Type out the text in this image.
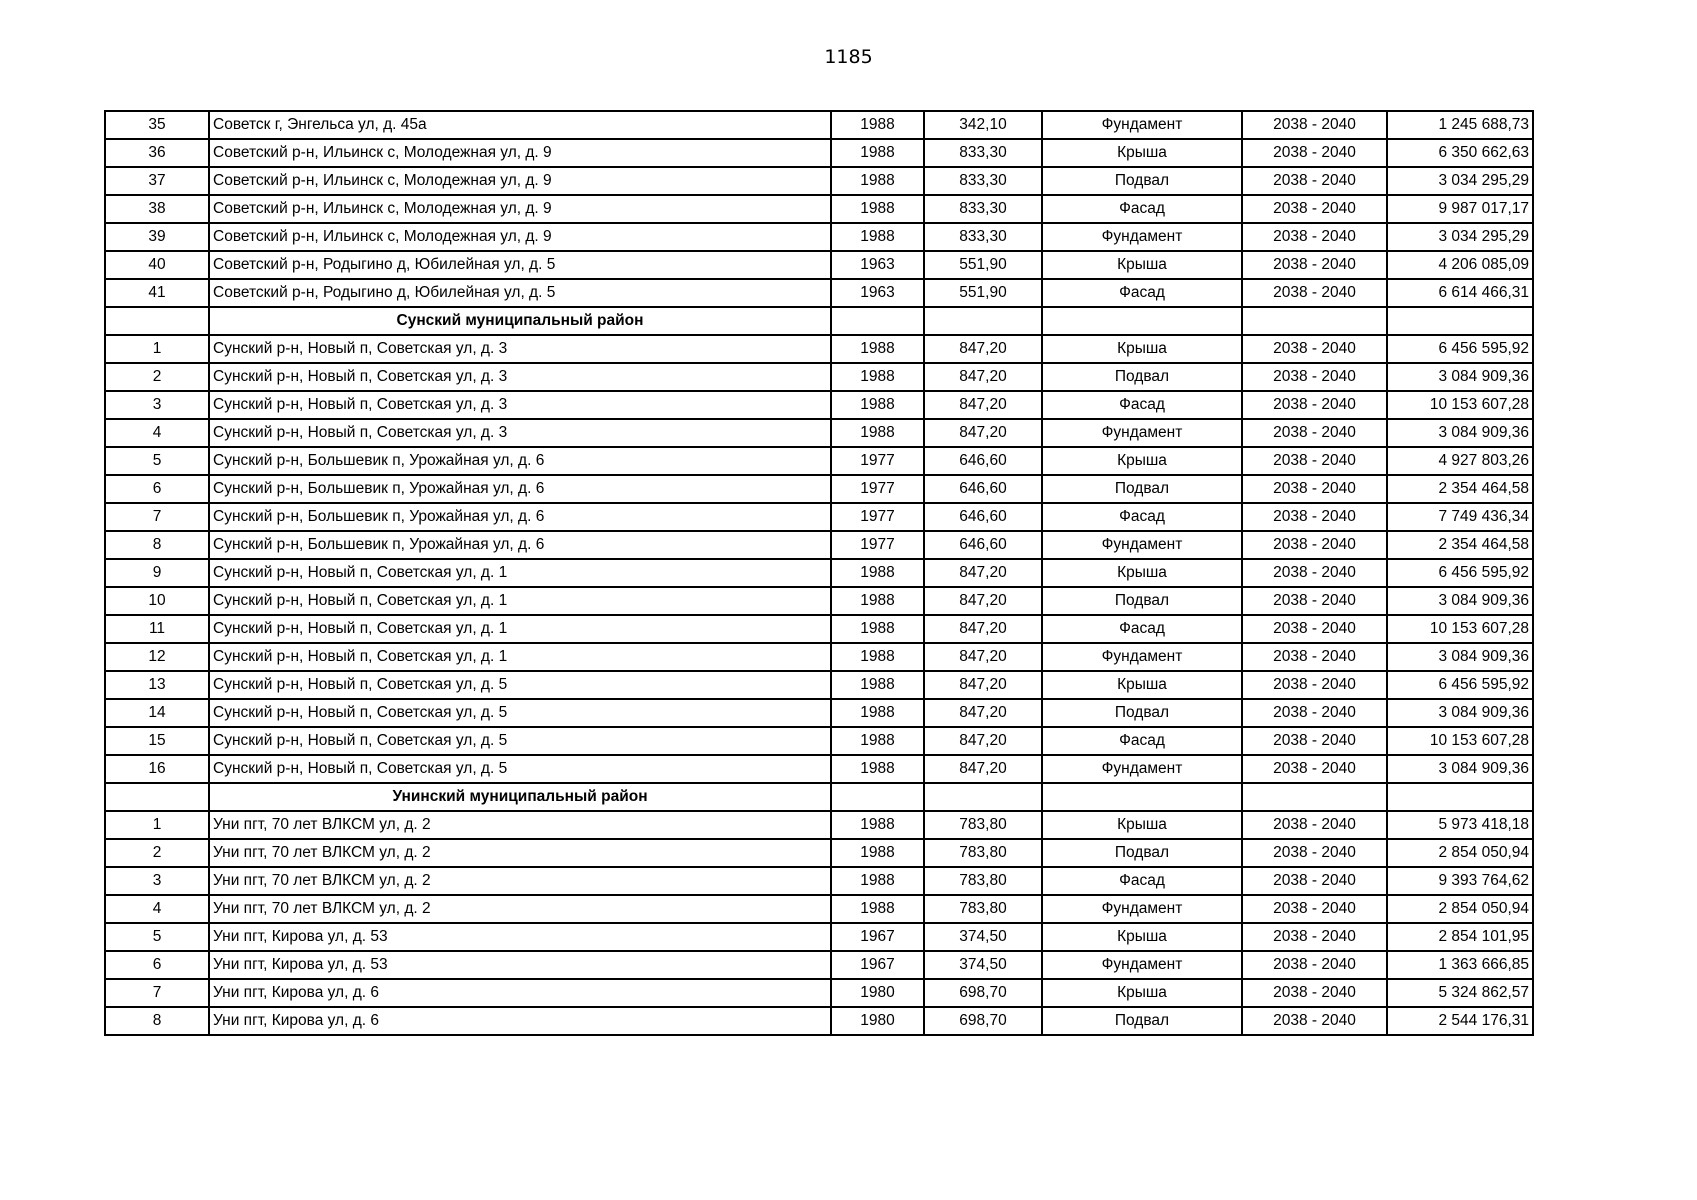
1185
35	Советск г, Энгельса ул, д. 45а	1988	342,10	Фундамент	2038 - 2040	1 245 688,73
36	Советский р-н, Ильинск с, Молодежная ул, д. 9	1988	833,30	Крыша	2038 - 2040	6 350 662,63
37	Советский р-н, Ильинск с, Молодежная ул, д. 9	1988	833,30	Подвал	2038 - 2040	3 034 295,29
38	Советский р-н, Ильинск с, Молодежная ул, д. 9	1988	833,30	Фасад	2038 - 2040	9 987 017,17
39	Советский р-н, Ильинск с, Молодежная ул, д. 9	1988	833,30	Фундамент	2038 - 2040	3 034 295,29
40	Советский р-н, Родыгино д, Юбилейная ул, д. 5	1963	551,90	Крыша	2038 - 2040	4 206 085,09
41	Советский р-н, Родыгино д, Юбилейная ул, д. 5	1963	551,90	Фасад	2038 - 2040	6 614 466,31
	Сунский муниципальный район					
1	Сунский р-н, Новый п, Советская ул, д. 3	1988	847,20	Крыша	2038 - 2040	6 456 595,92
2	Сунский р-н, Новый п, Советская ул, д. 3	1988	847,20	Подвал	2038 - 2040	3 084 909,36
3	Сунский р-н, Новый п, Советская ул, д. 3	1988	847,20	Фасад	2038 - 2040	10 153 607,28
4	Сунский р-н, Новый п, Советская ул, д. 3	1988	847,20	Фундамент	2038 - 2040	3 084 909,36
5	Сунский р-н, Большевик п, Урожайная ул, д. 6	1977	646,60	Крыша	2038 - 2040	4 927 803,26
6	Сунский р-н, Большевик п, Урожайная ул, д. 6	1977	646,60	Подвал	2038 - 2040	2 354 464,58
7	Сунский р-н, Большевик п, Урожайная ул, д. 6	1977	646,60	Фасад	2038 - 2040	7 749 436,34
8	Сунский р-н, Большевик п, Урожайная ул, д. 6	1977	646,60	Фундамент	2038 - 2040	2 354 464,58
9	Сунский р-н, Новый п, Советская ул, д. 1	1988	847,20	Крыша	2038 - 2040	6 456 595,92
10	Сунский р-н, Новый п, Советская ул, д. 1	1988	847,20	Подвал	2038 - 2040	3 084 909,36
11	Сунский р-н, Новый п, Советская ул, д. 1	1988	847,20	Фасад	2038 - 2040	10 153 607,28
12	Сунский р-н, Новый п, Советская ул, д. 1	1988	847,20	Фундамент	2038 - 2040	3 084 909,36
13	Сунский р-н, Новый п, Советская ул, д. 5	1988	847,20	Крыша	2038 - 2040	6 456 595,92
14	Сунский р-н, Новый п, Советская ул, д. 5	1988	847,20	Подвал	2038 - 2040	3 084 909,36
15	Сунский р-н, Новый п, Советская ул, д. 5	1988	847,20	Фасад	2038 - 2040	10 153 607,28
16	Сунский р-н, Новый п, Советская ул, д. 5	1988	847,20	Фундамент	2038 - 2040	3 084 909,36
	Унинский муниципальный район					
1	Уни пгт, 70 лет ВЛКСМ ул, д. 2	1988	783,80	Крыша	2038 - 2040	5 973 418,18
2	Уни пгт, 70 лет ВЛКСМ ул, д. 2	1988	783,80	Подвал	2038 - 2040	2 854 050,94
3	Уни пгт, 70 лет ВЛКСМ ул, д. 2	1988	783,80	Фасад	2038 - 2040	9 393 764,62
4	Уни пгт, 70 лет ВЛКСМ ул, д. 2	1988	783,80	Фундамент	2038 - 2040	2 854 050,94
5	Уни пгт, Кирова ул, д. 53	1967	374,50	Крыша	2038 - 2040	2 854 101,95
6	Уни пгт, Кирова ул, д. 53	1967	374,50	Фундамент	2038 - 2040	1 363 666,85
7	Уни пгт, Кирова ул, д. 6	1980	698,70	Крыша	2038 - 2040	5 324 862,57
8	Уни пгт, Кирова ул, д. 6	1980	698,70	Подвал	2038 - 2040	2 544 176,31
